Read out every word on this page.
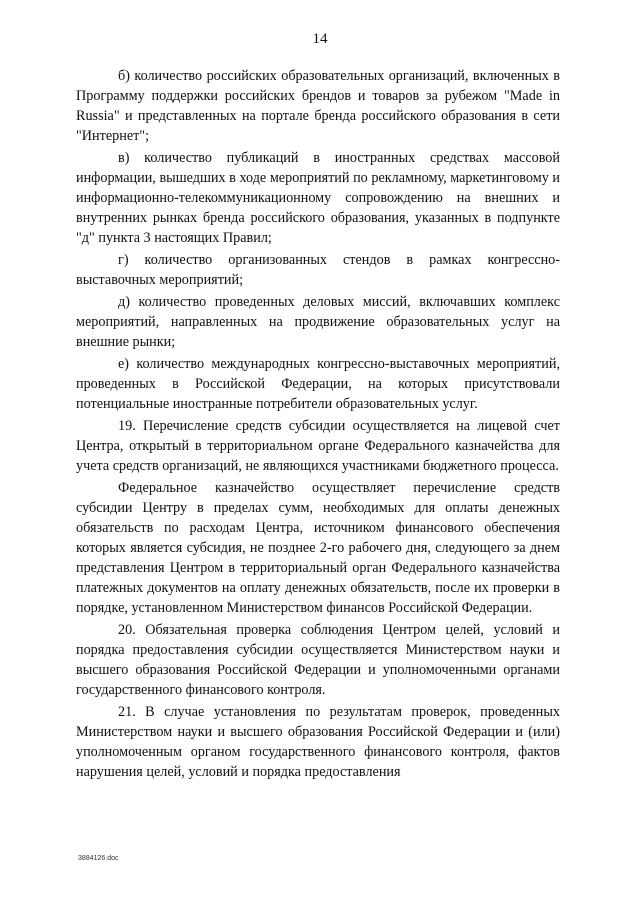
14

б) количество российских образовательных организаций, включенных в Программу поддержки российских брендов и товаров за рубежом "Made in Russia" и представленных на портале бренда российского образования в сети "Интернет";

в) количество публикаций в иностранных средствах массовой информации, вышедших в ходе мероприятий по рекламному, маркетинговому и информационно-телекоммуникационному сопровождению на внешних и внутренних рынках бренда российского образования, указанных в подпункте "д" пункта 3 настоящих Правил;

г) количество организованных стендов в рамках конгрессно-выставочных мероприятий;

д) количество проведенных деловых миссий, включавших комплекс мероприятий, направленных на продвижение образовательных услуг на внешние рынки;

е) количество международных конгрессно-выставочных мероприятий, проведенных в Российской Федерации, на которых присутствовали потенциальные иностранные потребители образовательных услуг.

19. Перечисление средств субсидии осуществляется на лицевой счет Центра, открытый в территориальном органе Федерального казначейства для учета средств организаций, не являющихся участниками бюджетного процесса.

Федеральное казначейство осуществляет перечисление средств субсидии Центру в пределах сумм, необходимых для оплаты денежных обязательств по расходам Центра, источником финансового обеспечения которых является субсидия, не позднее 2-го рабочего дня, следующего за днем представления Центром в территориальный орган Федерального казначейства платежных документов на оплату денежных обязательств, после их проверки в порядке, установленном Министерством финансов Российской Федерации.

20. Обязательная проверка соблюдения Центром целей, условий и порядка предоставления субсидии осуществляется Министерством науки и высшего образования Российской Федерации и уполномоченными органами государственного финансового контроля.

21. В случае установления по результатам проверок, проведенных Министерством науки и высшего образования Российской Федерации и (или) уполномоченным органом государственного финансового контроля, фактов нарушения целей, условий и порядка предоставления

3884126.doc
